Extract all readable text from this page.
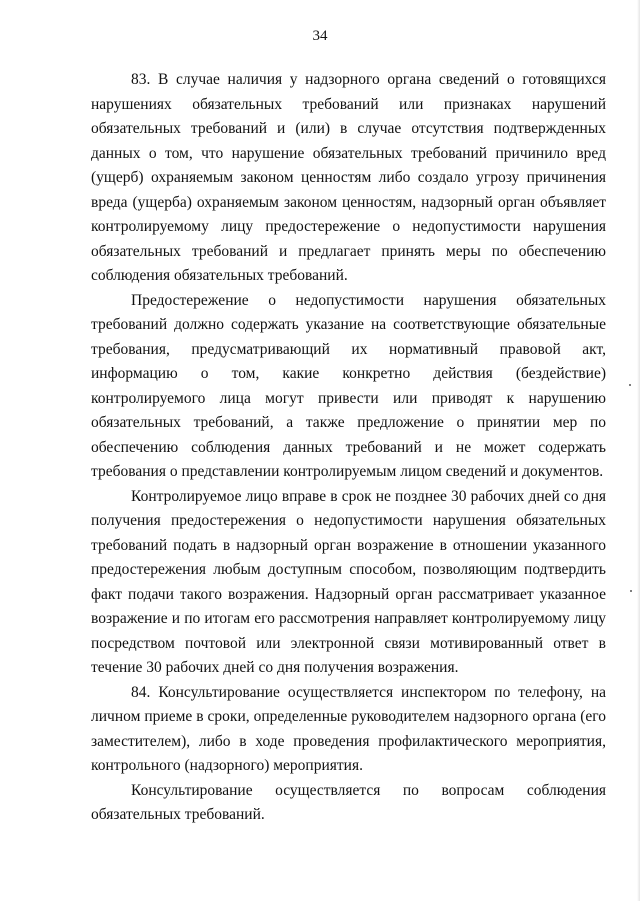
34

83. В случае наличия у надзорного органа сведений о готовящихся нарушениях обязательных требований или признаках нарушений обязательных требований и (или) в случае отсутствия подтвержденных данных о том, что нарушение обязательных требований причинило вред (ущерб) охраняемым законом ценностям либо создало угрозу причинения вреда (ущерба) охраняемым законом ценностям, надзорный орган объявляет контролируемому лицу предостережение о недопустимости нарушения обязательных требований и предлагает принять меры по обеспечению соблюдения обязательных требований.

Предостережение о недопустимости нарушения обязательных требований должно содержать указание на соответствующие обязательные требования, предусматривающий их нормативный правовой акт, информацию о том, какие конкретно действия (бездействие) контролируемого лица могут привести или приводят к нарушению обязательных требований, а также предложение о принятии мер по обеспечению соблюдения данных требований и не может содержать требования о представлении контролируемым лицом сведений и документов.

Контролируемое лицо вправе в срок не позднее 30 рабочих дней со дня получения предостережения о недопустимости нарушения обязательных требований подать в надзорный орган возражение в отношении указанного предостережения любым доступным способом, позволяющим подтвердить факт подачи такого возражения. Надзорный орган рассматривает указанное возражение и по итогам его рассмотрения направляет контролируемому лицу посредством почтовой или электронной связи мотивированный ответ в течение 30 рабочих дней со дня получения возражения.

84. Консультирование осуществляется инспектором по телефону, на личном приеме в сроки, определенные руководителем надзорного органа (его заместителем), либо в ходе проведения профилактического мероприятия, контрольного (надзорного) мероприятия.

Консультирование осуществляется по вопросам соблюдения обязательных требований.
